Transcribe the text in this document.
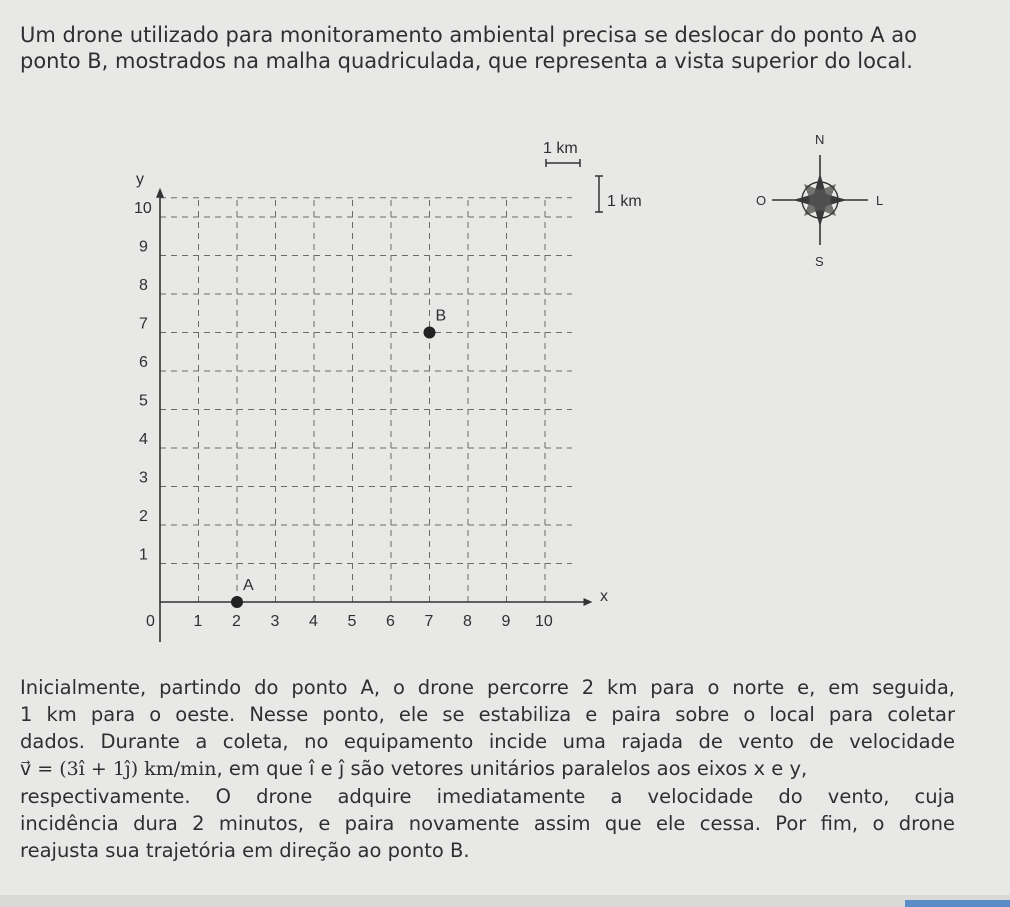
Um drone utilizado para monitoramento ambiental precisa se deslocar do ponto A ao
ponto B, mostrados na malha quadriculada, que representa a vista superior do local.

0 1 2 3 4 5 6 7 8 9 10
1
2
3
4
5
6
7
8
9
10
A
B
x
y
1 km
1 km
N
S
L
O
Inicialmente, partindo do ponto A, o drone percorre 2 km para o norte e, em seguida,
1 km para o oeste. Nesse ponto, ele se estabiliza e paira sobre o local para coletar
dados. Durante a coleta, no equipamento incide uma rajada de vento de velocidade
v⃗ = (3î + 1ĵ) km/min, em que î e ĵ são vetores unitários paralelos aos eixos x e y,
respectivamente. O drone adquire imediatamente a velocidade do vento, cuja
incidência dura 2 minutos, e paira novamente assim que ele cessa. Por fim, o drone
reajusta sua trajetória em direção ao ponto B.
